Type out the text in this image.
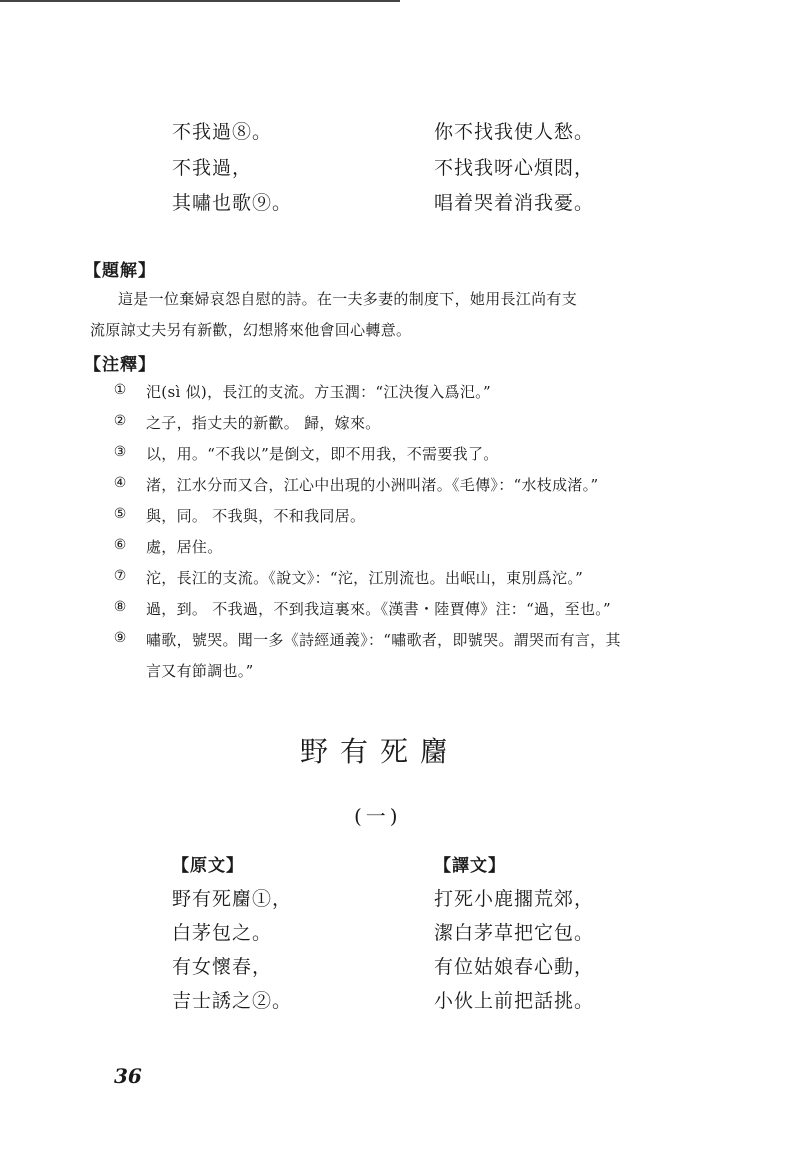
不我過⑧。
不我過，
其嘯也歌⑨。
你不找我使人愁。
不找我呀心煩悶，
唱着哭着消我憂。
【題解】
這是一位棄婦哀怨自慰的詩。在一夫多妻的制度下，她用長江尚有支
流原諒丈夫另有新歡，幻想將來他會回心轉意。
【注釋】
① 汜(sì 似)，長江的支流。方玉潤：“江決復入爲汜。”
② 之子，指丈夫的新歡。 歸，嫁來。
③ 以，用。“不我以”是倒文，即不用我，不需要我了。
④ 渚，江水分而又合，江心中出現的小洲叫渚。《毛傳》：“水枝成渚。”
⑤ 與，同。 不我與，不和我同居。
⑥ 處，居住。
⑦ 沱，長江的支流。《說文》：“沱，江別流也。出岷山，東別爲沱。”
⑧ 過，到。 不我過，不到我這裏來。《漢書・陸賈傳》注：“過，至也。”
⑨ 嘯歌，號哭。聞一多《詩經通義》：“嘯歌者，即號哭。謂哭而有言，其
言又有節調也。”
野有死麕
(一)
【原文】	【譯文】
野有死麕①，
白茅包之。
有女懷春，
吉士誘之②。
打死小鹿擱荒郊，
潔白茅草把它包。
有位姑娘春心動，
小伙上前把話挑。
36
